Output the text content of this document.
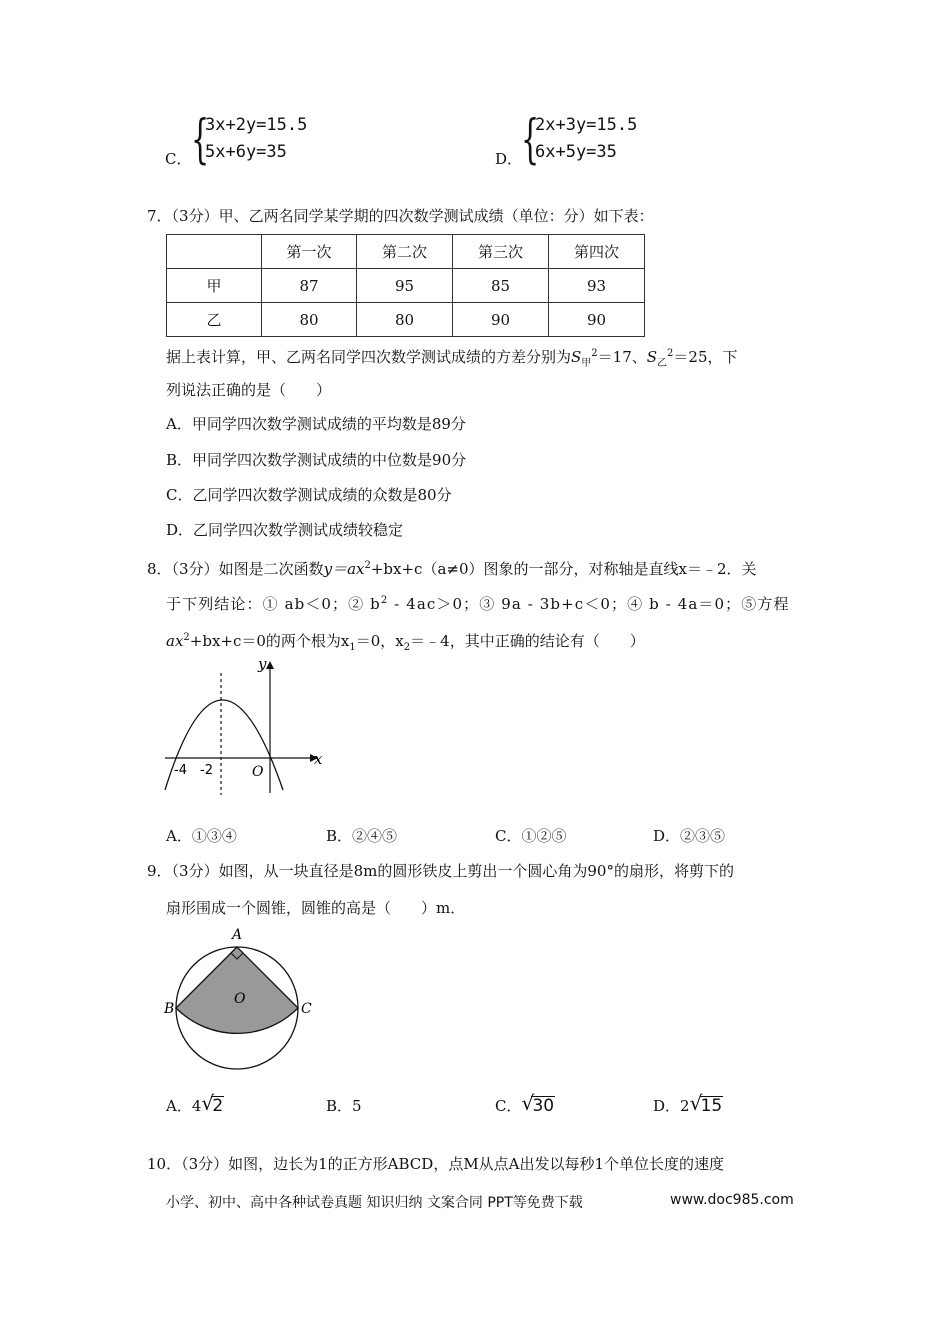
C． {
3x+2y=15.5
5x+6y=35	D．
{
2x+3y=15.5
6x+5y=35
7．（3分）甲、乙两名同学某学期的四次数学测试成绩（单位：分）如下表：
	第一次	第二次	第三次	第四次
甲	87	95	85	93
乙	80	80	90	90
据上表计算，甲、乙两名同学四次数学测试成绩的方差分别为$S_甲^2=17$、$S_乙^2=25$，下
列说法正确的是（　　）
A．甲同学四次数学测试成绩的平均数是89分
B．甲同学四次数学测试成绩的中位数是90分
C．乙同学四次数学测试成绩的众数是80分
D．乙同学四次数学测试成绩较稳定
8．（3分）如图是二次函数$y=ax^2+bx+c(a\ne 0)$图象的一部分，对称轴是直线x＝﹣2．关
于下列结论：① ab＜0；② $b^2 - 4ac>0$；③ 9a - 3b+c＜0；④ b - 4a＝0；⑤方程
$ax^2+bx+c=0$的两个根为$x_1=0$，$x_2=﹣4$，其中正确的结论有（　　）
y
x
O
-4 -2
A．①③④	B．②④⑤	C．①②⑤	D．②③⑤
9．（3分）如图，从一块直径是8m的圆形铁皮上剪出一个圆心角为90°的扇形，将剪下的
扇形围成一个圆锥，圆锥的高是（　　）m．
A
B	C
O
A．4 √
2	B．5	C． √
30	D．2 √
15
10．（3分）如图，边长为1的正方形ABCD，点M从点A出发以每秒1个单位长度的速度
小学、初中、高中各种试卷真题 知识归纳 文案合同 PPT等免费下载	www.doc985.com
